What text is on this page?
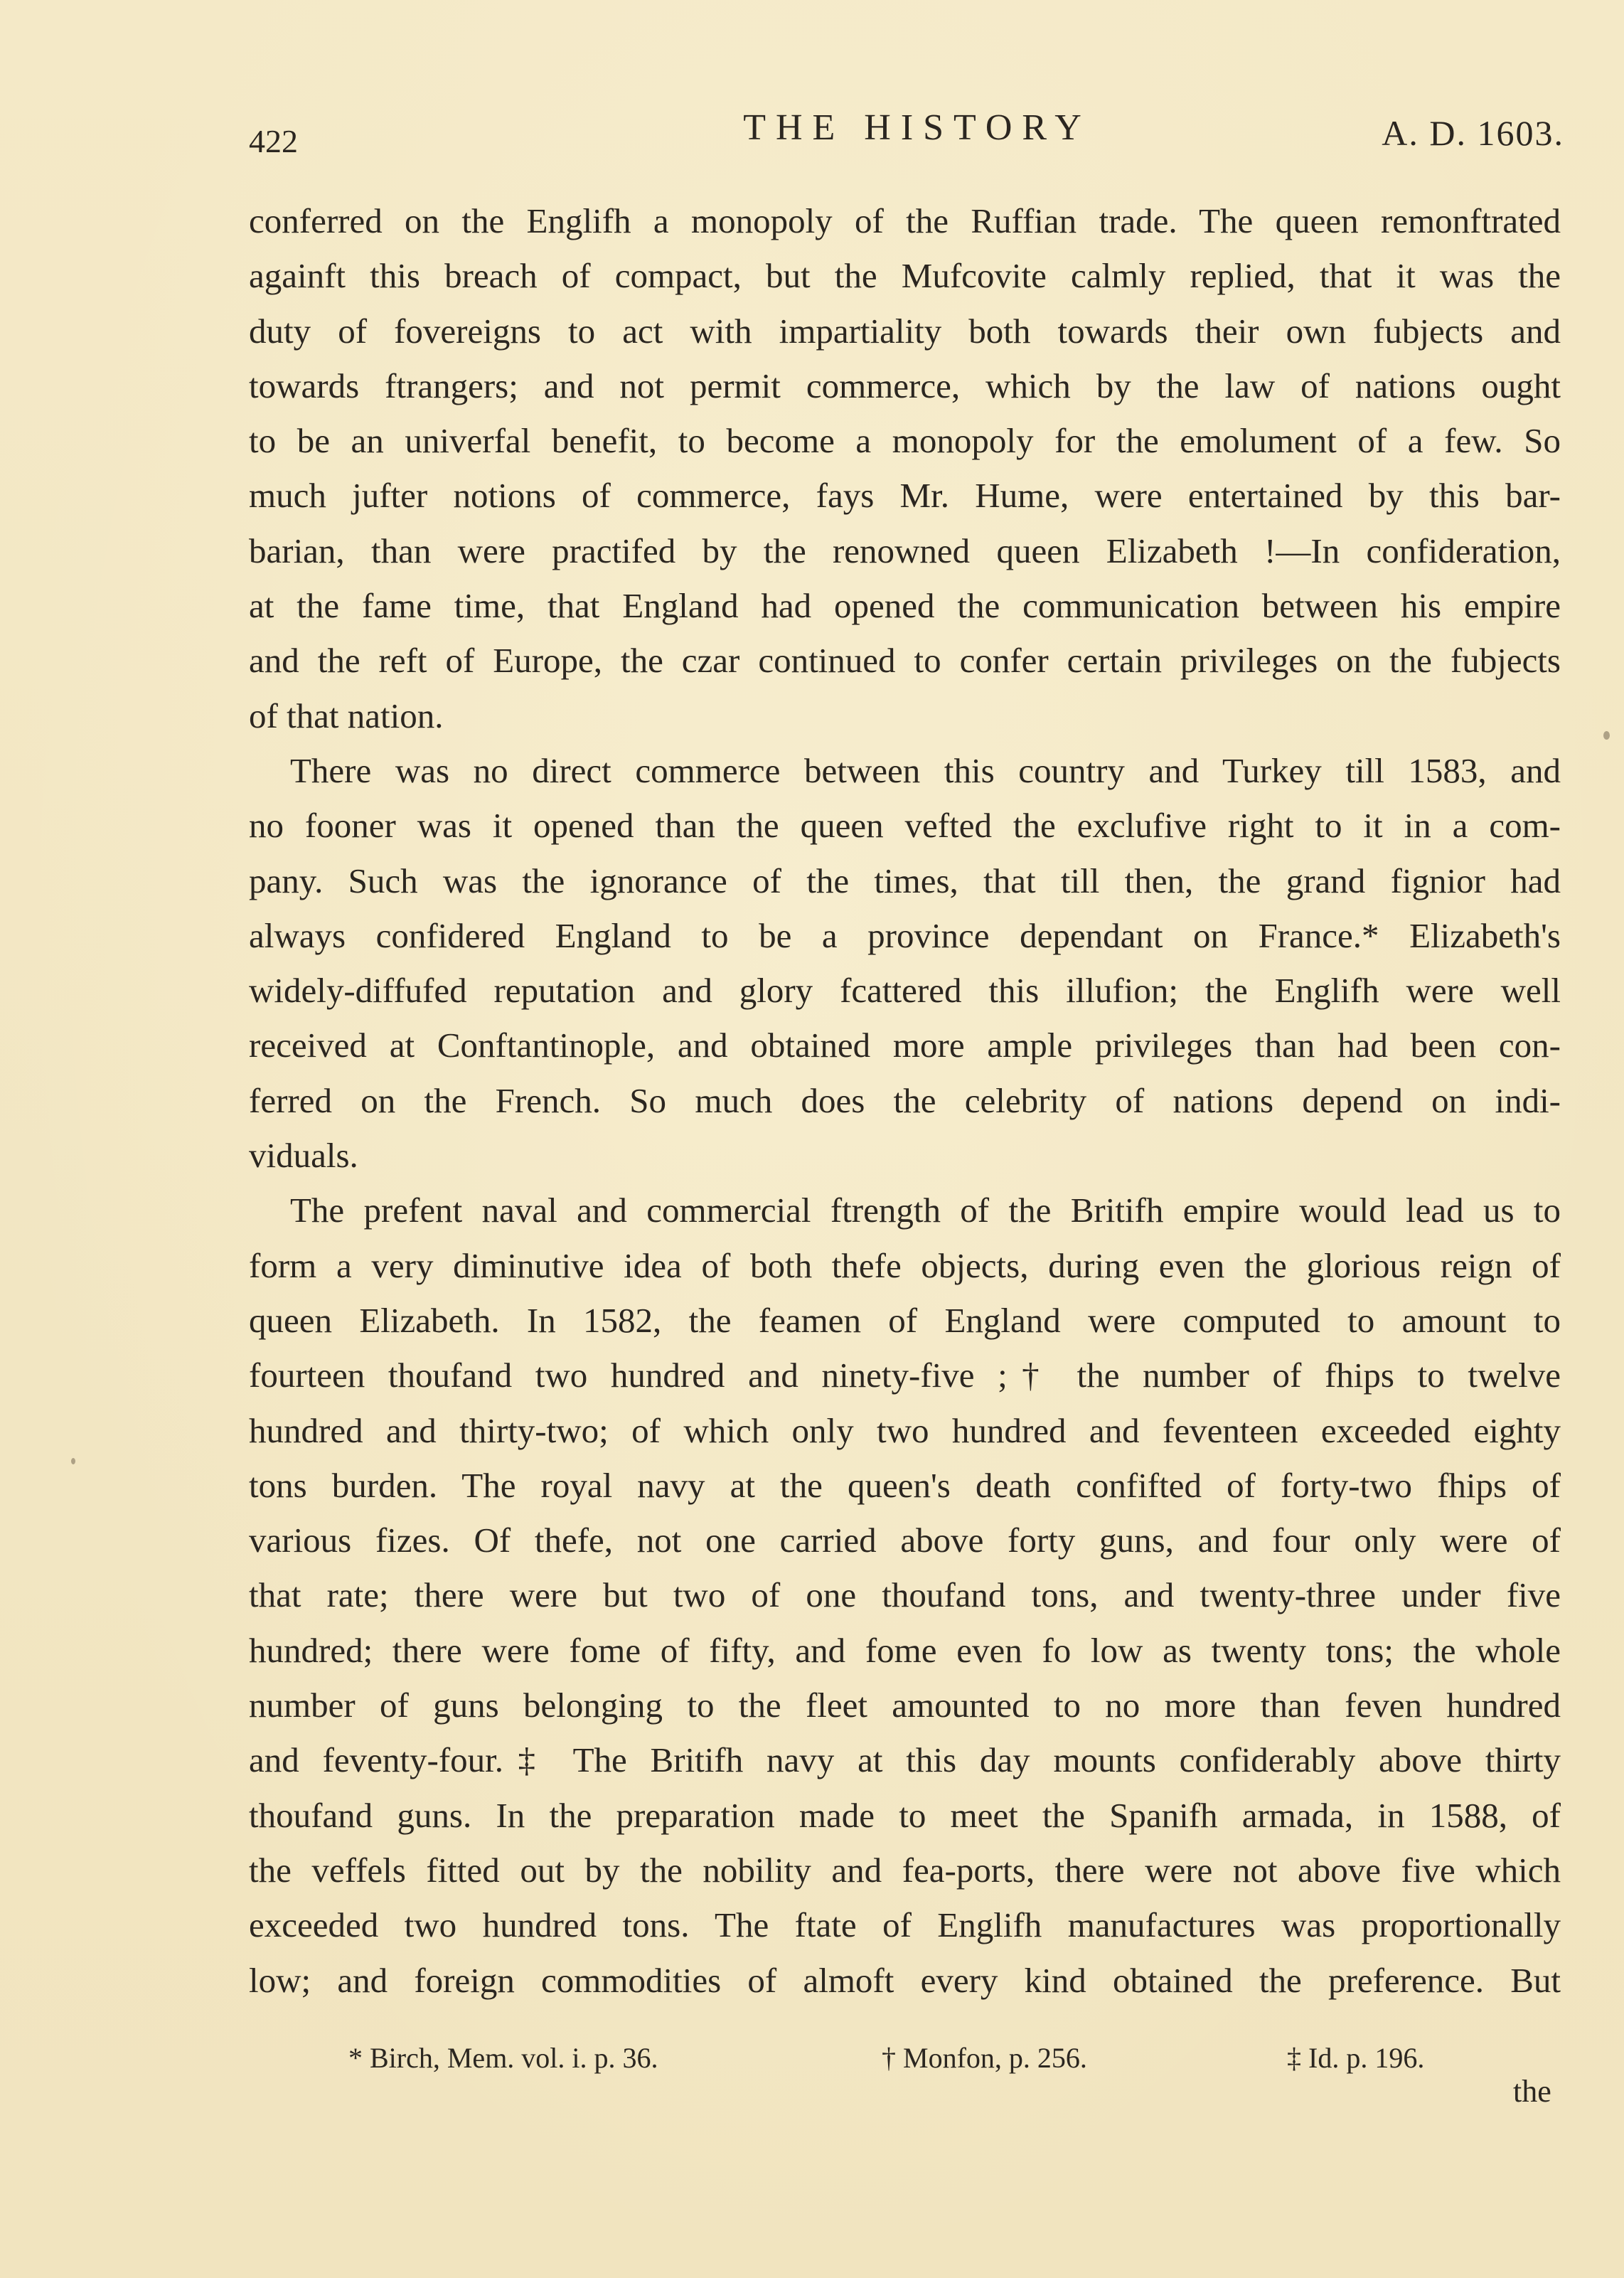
422	THE HISTORY	A. D. 1603.
conferred on the Englifh a monopoly of the Ruffian trade. The queen remonftrated
againft this breach of compact, but the Mufcovite calmly replied, that it was the
duty of fovereigns to act with impartiality both towards their own fubjects and
towards ftrangers; and not permit commerce, which by the law of nations ought
to be an univerfal benefit, to become a monopoly for the emolument of a few. So
much jufter notions of commerce, fays Mr. Hume, were entertained by this bar-
barian, than were practifed by the renowned queen Elizabeth !—In confideration,
at the fame time, that England had opened the communication between his empire
and the reft of Europe, the czar continued to confer certain privileges on the fubjects
of that nation.
There was no direct commerce between this country and Turkey till 1583, and
no fooner was it opened than the queen vefted the exclufive right to it in a com-
pany. Such was the ignorance of the times, that till then, the grand fignior had
always confidered England to be a province dependant on France.* Elizabeth's
widely-diffufed reputation and glory fcattered this illufion; the Englifh were well
received at Conftantinople, and obtained more ample privileges than had been con-
ferred on the French. So much does the celebrity of nations depend on indi-
viduals.
The prefent naval and commercial ftrength of the Britifh empire would lead us to
form a very diminutive idea of both thefe objects, during even the glorious reign of
queen Elizabeth. In 1582, the feamen of England were computed to amount to
fourteen thoufand two hundred and ninety-five ;† the number of fhips to twelve
hundred and thirty-two; of which only two hundred and feventeen exceeded eighty
tons burden. The royal navy at the queen's death confifted of forty-two fhips of
various fizes. Of thefe, not one carried above forty guns, and four only were of
that rate; there were but two of one thoufand tons, and twenty-three under five
hundred; there were fome of fifty, and fome even fo low as twenty tons; the whole
number of guns belonging to the fleet amounted to no more than feven hundred
and feventy-four.‡ The Britifh navy at this day mounts confiderably above thirty
thoufand guns. In the preparation made to meet the Spanifh armada, in 1588, of
the veffels fitted out by the nobility and fea-ports, there were not above five which
exceeded two hundred tons. The ftate of Englifh manufactures was proportionally
low; and foreign commodities of almoft every kind obtained the preference. But
* Birch, Mem. vol. i. p. 36.	† Monfon, p. 256.	‡ Id. p. 196.
the
